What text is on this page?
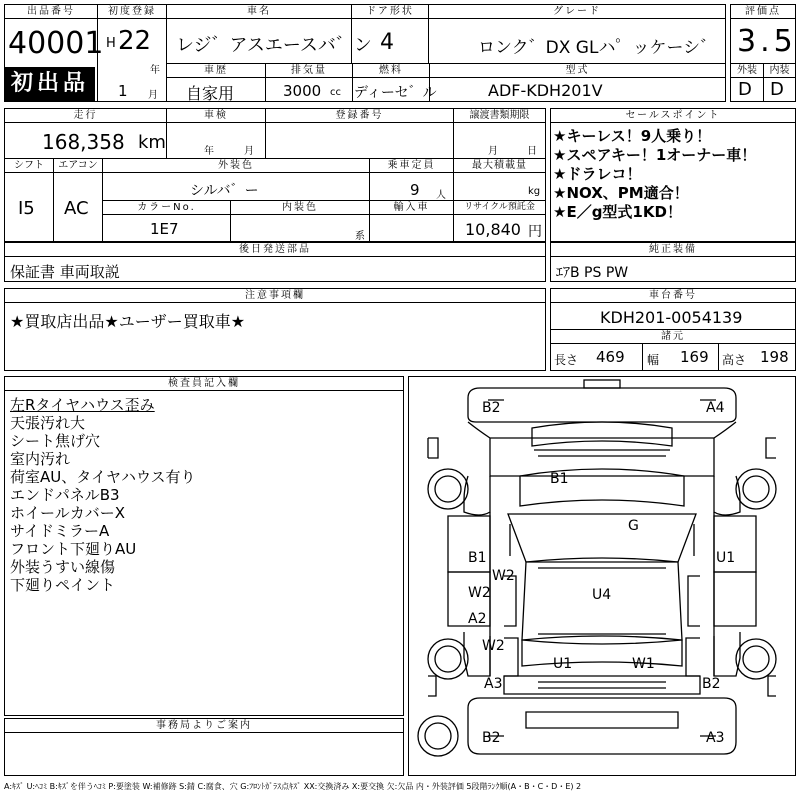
出品番号
40001
初出品
初度登録
H 22
年
1 月
車名
レジ゛アスエースバ゛ン
ドア形状
4
グレード
ロンク゛DX GLハ゜ッケーシ゛
車歴
自家用
排気量
3000 cc
燃料
ディーセ゛ル
型式
ADF-KDH201V
評価点
3.5
外装	内装
D D
走行
168,358 km
車検
年	月
登録番号	譲渡書類期限
月	日
シフト
I5
エアコン
AC
外装色
シルバ゛ー
乗車定員
9 人
最大積載量
kg
カラーNo.
1E7
内装色
系
輸入車	リサイクル預託金
10,840 円
セールスポイント
★キーレス！9人乗り！
★スペアキー！1オーナー車！
★ドラレコ！
★NOX、PM適合！
★E／g型式1KD！
後日発送部品
保証書 車両取説
純正装備
ｴｱB PS PW
注意事項欄
★買取店出品★ユーザー買取車★
車台番号
KDH201-0054139
諸元
長さ 469 幅 169 高さ 198
検査員記入欄
左Rタイヤハウス歪み
天張汚れ大
シート焦げ穴
室内汚れ
荷室AU、タイヤハウス有り
エンドパネルB3
ホイールカバーX
サイドミラーA
フロント下廻りAU
外装うすい線傷
下廻りペイント
事務局よりご案内
B2	A4
B1
G
B1	U1
W2
W2	U4
A2
W2
U1	W1
A3	B2
B2	A3
A:ｷｽﾞ U:ﾍｺﾐ B:ｷｽﾞを伴うﾍｺﾐ P:要塗装 W:補修跡 S:錆 C:腐食、穴 G:ﾌﾛﾝﾄｶﾞﾗｽ点ｷｽﾞ XX:交換済み X:要交換 欠:欠品 内・外装評価 5段階ﾗﾝｸ順(A・B・C・D・E) 2
